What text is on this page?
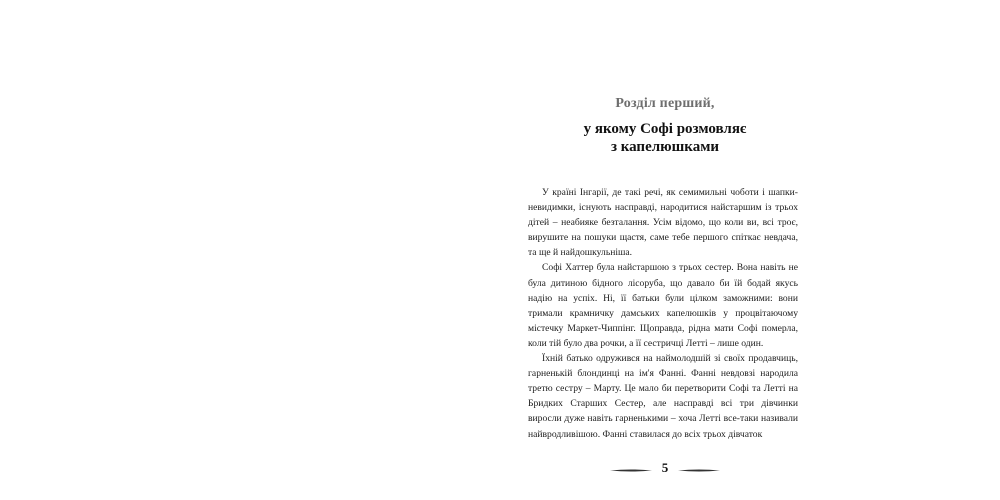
Розділ перший,
у якому Софі розмовляє
з капелюшками

У країні Інгарії, де такі речі, як семимильні чоботи і шапки-невидимки, існують насправді, народитися найстаршим із трьох дітей – неабияке безталання. Усім відомо, що коли ви, всі троє, вирушите на пошуки щастя, саме тебе першого спіткає невдача, та ще й найдошкульніша.

Софі Хаттер була найстаршою з трьох сестер. Вона навіть не була дитиною бідного лісоруба, що давало би їй бодай якусь надію на успіх. Ні, її батьки були цілком заможними: вони тримали крамничку дамських капелюшків у процвітаючому містечку Маркет-Чиппінг. Щоправда, рідна мати Софі померла, коли тій було два рочки, а її сестричці Летті – лише один.

Їхній батько одружився на наймолодшій зі своїх продавчиць, гарненькій блондинці на ім'я Фанні. Фанні невдовзі народила третю сестру – Марту. Це мало би перетворити Софі та Летті на Бридких Старших Сестер, але насправді всі три дівчинки виросли дуже навіть гарненькими – хоча Летті все-таки називали найвродливішою. Фанні ставилася до всіх трьох дівчаток

5
